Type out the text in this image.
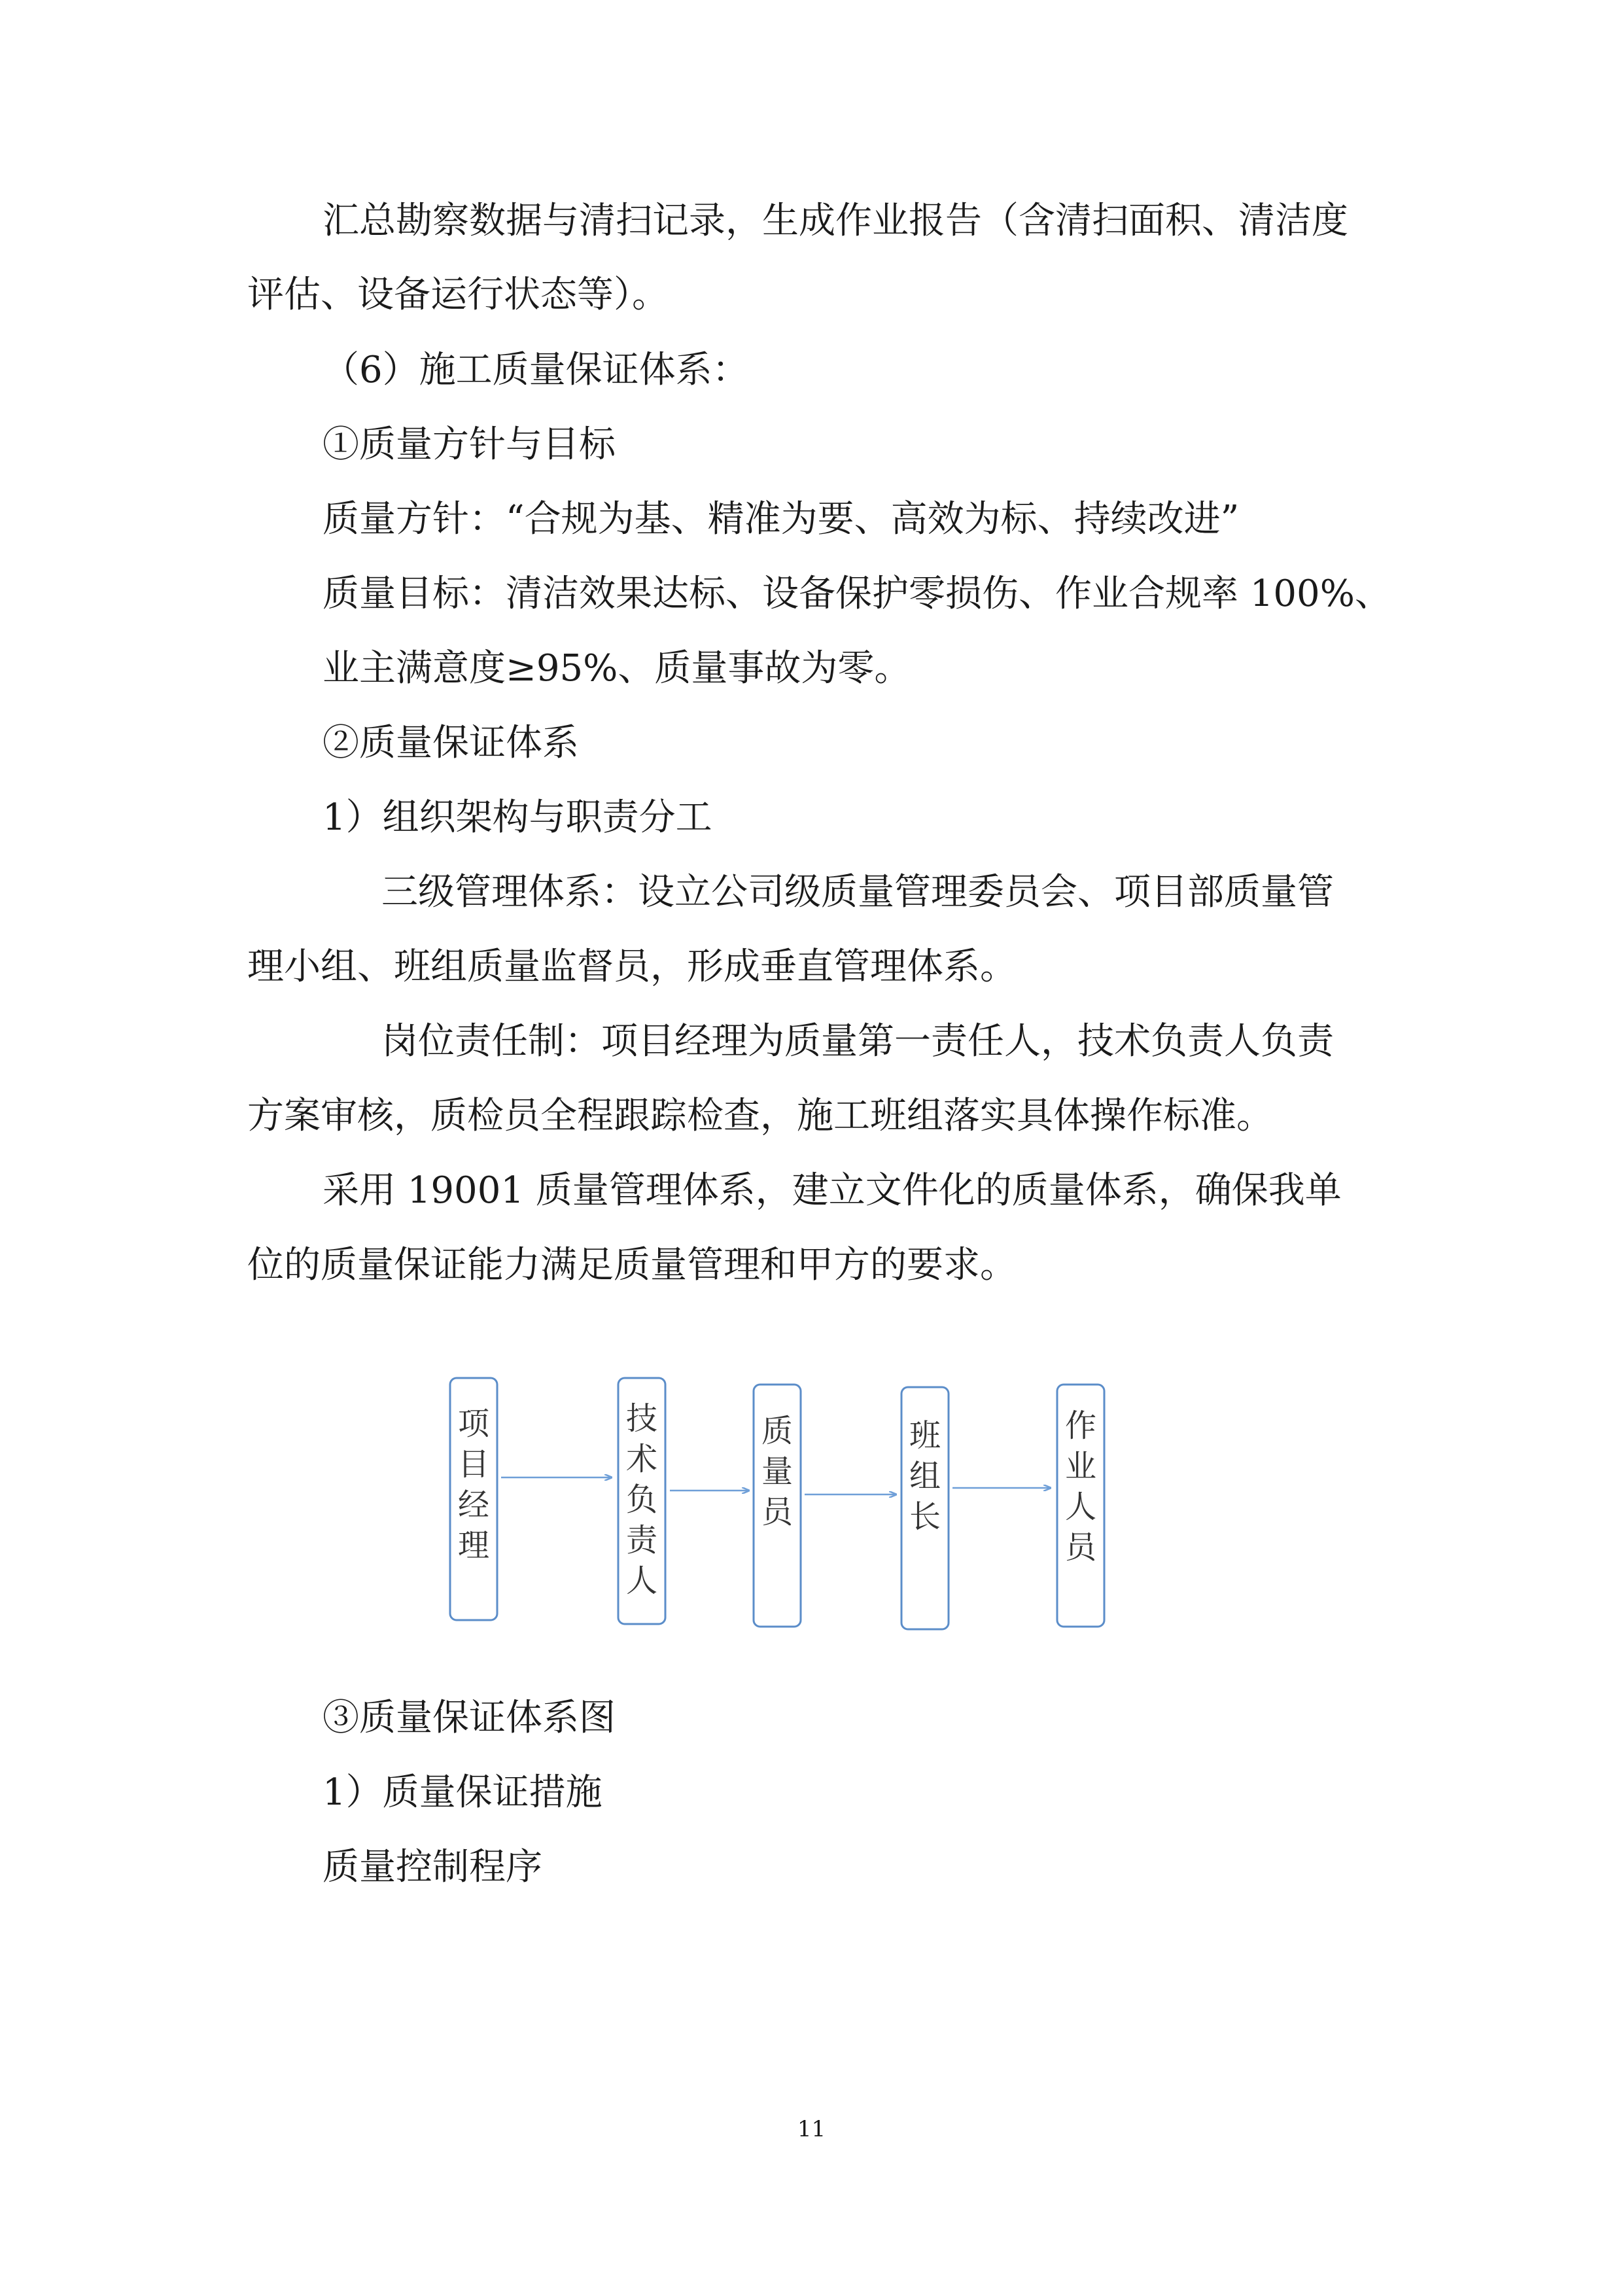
汇总勘察数据与清扫记录，生成作业报告（含清扫面积、清洁度
评估、设备运行状态等）。
（6）施工质量保证体系：
①质量方针与目标
质量方针：“合规为基、精准为要、高效为标、持续改进”
质量目标：清洁效果达标、设备保护零损伤、作业合规率 100%、
业主满意度≥95%、质量事故为零。
②质量保证体系
1）组织架构与职责分工
三级管理体系：设立公司级质量管理委员会、项目部质量管
理小组、班组质量监督员，形成垂直管理体系。
岗位责任制：项目经理为质量第一责任人，技术负责人负责
方案审核，质检员全程跟踪检查，施工班组落实具体操作标准。
采用 19001 质量管理体系，建立文件化的质量体系，确保我单
位的质量保证能力满足质量管理和甲方的要求。
项
目
经
理
技
术
负
责
人
质
量
员
班
组
长
作
业
人
员
③质量保证体系图
1）质量保证措施
质量控制程序
11
